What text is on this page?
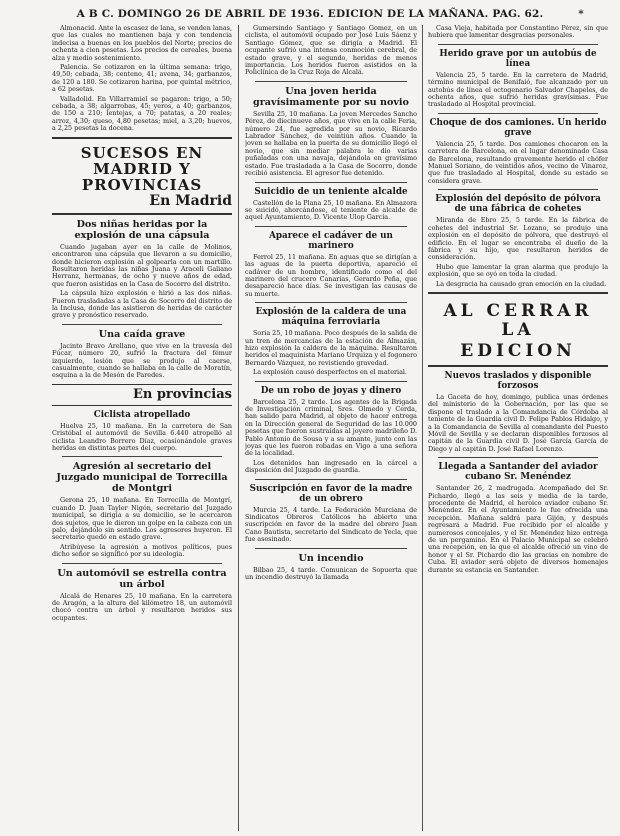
A B C. DOMINGO 26 DE ABRIL DE 1936. EDICION DE LA MAÑANA. PAG. 62.	*

Almonacid. Ante la escasez de lana, se venden lanas, que las cuales no mantienen baja y con tendencia indecisa a buenas en los pueblos del Norte; precios de ochenta a cien pesetas. Los precios de cereales, buena alza y medio sostenimiento.

Palencia. Se cotizaron en la última semana: trigo, 49,50; cebada, 38; centeno, 41; avena, 34; garbanzos, de 120 a 180. Se cotizaron harina, por quintal métrico, a 62 pesetas.

Valladolid. En Villarramiel se pagaron: trigo, a 50; cebada, a 38; algarrobas, 45; yeros, a 40; garbanzos, de 150 a 210; lentejas, a 70; patatas, a 20 reales; arroz, 4,30; queso, 4,80 pesetas; miel, a 3,20; huevos, a 2,25 pesetas la docena.

SUCESOS EN MADRID Y PROVINCIAS
En Madrid
Dos niñas heridas por la explosión de una cápsula

Cuando jugaban ayer en la calle de Molinos, encontraron una cápsula que llevaron a su domicilio, donde hicieron explosión al golpearla con un martillo. Resultaron heridas las niñas Juana y Araceli Galiano Herranz, hermanas, de ocho y nueve años de edad, que fueron asistidas en la Casa de Socorro del distrito.

La cápsula hizo explosión e hirió a las dos niñas. Fueron trasladadas a la Casa de Socorro del distrito de la Inclusa, donde las asistieron de heridas de carácter grave y pronóstico reservado.

Una caída grave

Jacinto Bravo Arellano, que vive en la travesía del Fúcar, número 20, sufrió la fractura del fémur izquierdo, lesión que se produjo al caerse, casualmente, cuando se hallaba en la calle de Moratín, esquina a la de Mesón de Paredes.

En provincias
Ciclista atropellado

Huelva 25, 10 mañana. En la carretera de San Cristóbal el automóvil de Sevilla 6.440 atropelló al ciclista Leandro Borrero Díaz, ocasionándole graves heridas en distintas partes del cuerpo.

Agresión al secretario del Juzgado municipal de Torrecilla de Montgri

Gerona 25, 10 mañana. En Torrecilla de Montgrí, cuando D. Juan Tayler Nigón, secretario del Juzgado municipal, se dirigía a su domicilio, se le acercaron dos sujetos, que le dieron un golpe en la cabeza con un palo, dejándolo sin sentido. Los agresores huyeron. El secretario quedó en estado grave.

Atribúyese la agresión a motivos políticos, pues dicho señor se significó por su ideología.

Un automóvil se estrella contra un árbol

Alcalá de Henares 25, 10 mañana. En la carretera de Aragón, a la altura del kilómetro 18, un automóvil chocó contra un árbol y resultaron heridos sus ocupantes.

Gumersindo Santiago y Santiago Gomez, en un ciclista, el automóvil ocupado por José Luis Sáenz y Santiago Gómez, que se dirigía a Madrid. El ocupante sufrió una intensa conmoción cerebral, de estado grave, y el segundo, heridas de menos importancia. Los heridos fueron asistidos en la Policlínica de la Cruz Roja de Alcalá.

Una joven herida gravísimamente por su novio

Sevilla 25, 10 mañana. La joven Mercedes Sancho Pérez, de diecinueve años, que vive en la calle Feria, número 24, fue agredida por su novio, Ricardo Labrador Sánchez, de veintiún años. Cuando la joven se hallaba en la puerta de su domicilio llegó el novio, que sin mediar palabra le dio varias puñaladas con una navaja, dejándola en gravísimo estado. Fue trasladada a la Casa de Socorro, donde recibió asistencia. El agresor fue detenido.

Suicidio de un teniente alcalde

Castellón de la Plana 25, 10 mañana. En Almazora se suicidó, ahorcándose, el teniente de alcalde de aquel Ayuntamiento, D. Vicente Ulop García.

Aparece el cadáver de un marinero

Ferrol 25, 11 mañana. En aguas que se dirigían a las aguas de la puerta deportiva, apareció el cadáver de un hombre, identificado como el del marinero del crucero Canarias, Gerardo Peña, que desapareció hace días. Se investigan las causas de su muerte.

Explosión de la caldera de una máquina ferroviaria

Soria 25, 10 mañana. Poco después de la salida de un tren de mercancías de la estación de Almazán, hizo explosión la caldera de la máquina. Resultaron heridos el maquinista Mariano Urquiza y el fogonero Bernardo Vázquez, no revistiendo gravedad.

La explosión causó desperfectos en el material.

De un robo de joyas y dinero

Barcelona 25, 2 tarde. Los agentes de la Brigada de Investigación criminal, Sres. Olmedo y Cerda, han salido para Madrid, al objeto de hacer entrega en la Dirección general de Seguridad de las 10.000 pesetas que fueron sustraídas al joyero madrileño D. Pablo Antonio de Sousa y a su amante, junto con las joyas que les fueron robadas en Vigo a una señora de la localidad.

Los detenidos han ingresado en la cárcel a disposición del Juzgado de guardia.

Suscripción en favor de la madre de un obrero

Murcia 25, 4 tarde. La Federación Murciana de Sindicatos Obreros Católicos ha abierto una suscripción en favor de la madre del obrero Juan Cano Bautista, secretario del Sindicato de Yecla, que fue asesinado.

Un incendio

Bilbao 25, 4 tarde. Comunican de Sopuerta que un incendio destruyó la llamada

Casa Vieja, habitada por Constantino Pérez, sin que hubiera que lamentar desgracias personales.

Herido grave por un autobús de línea

Valencia 25, 5 tarde. En la carretera de Madrid, término municipal de Benifaió, fue alcanzado por un autobús de línea el octogenario Salvador Chapeles, de ochenta años, que sufrió heridas gravísimas. Fue trasladado al Hospital provincial.

Choque de dos camiones. Un herido grave

Valencia 25, 5 tarde. Dos camiones chocaron en la carretera de Barcelona, en el lugar denominado Casa de Barcelona, resultando gravemente herido el chófer Manuel Soriano, de veintidós años, vecino de Vinaroz, que fue trasladado al Hospital, donde su estado se considera grave.

Explosión del depósito de pólvora de una fábrica de cohetes

Miranda de Ebro 25, 5 tarde. En la fábrica de cohetes del industrial Sr. Lozano, se produjo una explosión en el depósito de pólvora, que destruyó el edificio. En el lugar se encontraba el dueño de la fábrica y su hijo, que resultaron heridos de consideración.

Hubo que lamentar la gran alarma que produjo la explosión, que se oyó en toda la ciudad.

La desgracia ha causado gran emoción en la ciudad.

AL CERRAR LA
EDICION
Nuevos traslados y disponible forzosos

La Gaceta de hoy, domingo, publica unas órdenes del ministerio de la Gobernación, por las que se dispone el traslado a la Comandancia de Córdoba al teniente de la Guardia civil D. Felipe Pablos Hidalgo, y a la Comandancia de Sevilla al comandante del Puesto Móvil de Sevilla y se declaran disponibles forzosos al capitán de la Guardia civil D. José García García de Diego y al capitán D. José Rafael Lorenzo.

Llegada a Santander del aviador cubano Sr. Menéndez

Santander 26, 2 madrugada. Acompañado del Sr. Pichardo, llegó a las seis y media de la tarde, procedente de Madrid, el heroico aviador cubano Sr. Menéndez. En el Ayuntamiento le fue ofrecida una recepción. Mañana saldrá para Gijón, y después regresará a Madrid. Fue recibido por el alcalde y numerosos concejales, y el Sr. Menéndez hizo entrega de un pergamino. En el Palacio Municipal se celebró una recepción, en la que el alcalde ofreció un vino de honor y el Sr. Pichardo dio las gracias en nombre de Cuba. El aviador será objeto de diversos homenajes durante su estancia en Santander.
